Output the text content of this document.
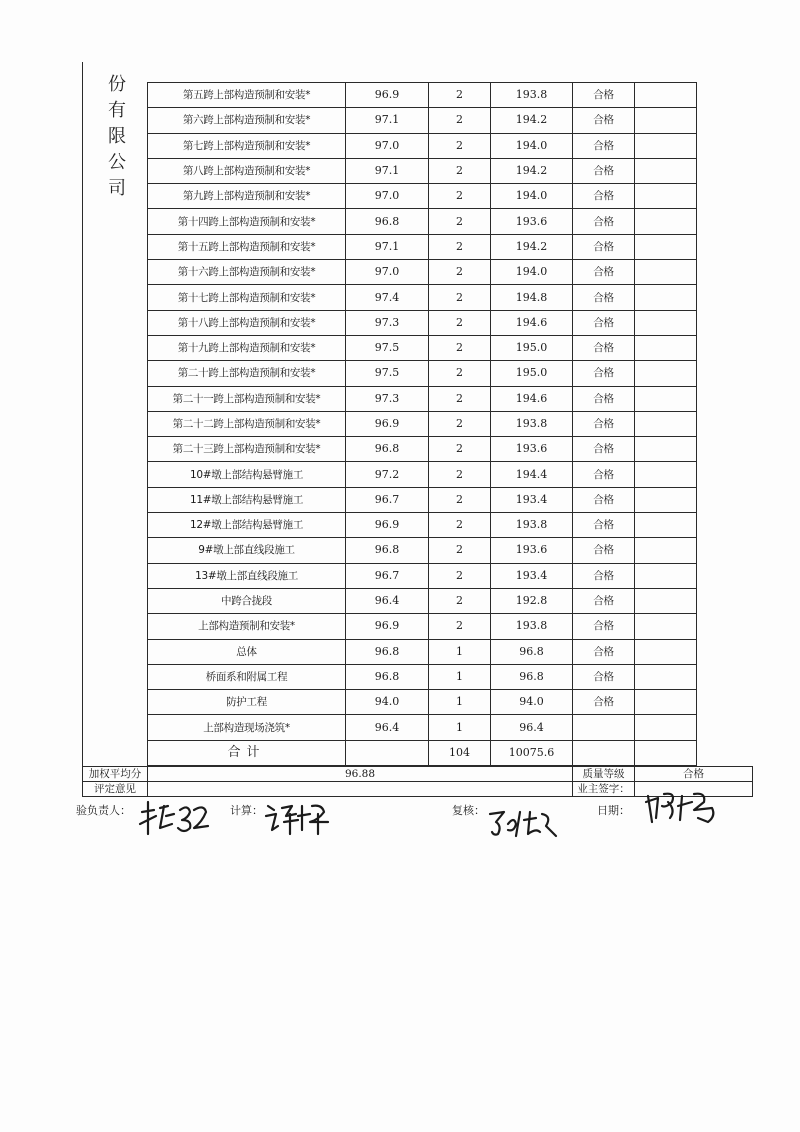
份有限公司
第五跨上部构造预制和安装*	96.9	2	193.8	合格	
第六跨上部构造预制和安装*	97.1	2	194.2	合格	
第七跨上部构造预制和安装*	97.0	2	194.0	合格	
第八跨上部构造预制和安装*	97.1	2	194.2	合格	
第九跨上部构造预制和安装*	97.0	2	194.0	合格	
第十四跨上部构造预制和安装*	96.8	2	193.6	合格	
第十五跨上部构造预制和安装*	97.1	2	194.2	合格	
第十六跨上部构造预制和安装*	97.0	2	194.0	合格	
第十七跨上部构造预制和安装*	97.4	2	194.8	合格	
第十八跨上部构造预制和安装*	97.3	2	194.6	合格	
第十九跨上部构造预制和安装*	97.5	2	195.0	合格	
第二十跨上部构造预制和安装*	97.5	2	195.0	合格	
第二十一跨上部构造预制和安装*	97.3	2	194.6	合格	
第二十二跨上部构造预制和安装*	96.9	2	193.8	合格	
第二十三跨上部构造预制和安装*	96.8	2	193.6	合格	
10#墩上部结构悬臂施工	97.2	2	194.4	合格	
11#墩上部结构悬臂施工	96.7	2	193.4	合格	
12#墩上部结构悬臂施工	96.9	2	193.8	合格	
9#墩上部直线段施工	96.8	2	193.6	合格	
13#墩上部直线段施工	96.7	2	193.4	合格	
中跨合拢段	96.4	2	192.8	合格	
上部构造预制和安装*	96.9	2	193.8	合格	
总体	96.8	1	96.8	合格	
桥面系和附属工程	96.8	1	96.8	合格	
防护工程	94.0	1	94.0	合格	
上部构造现场浇筑*	96.4	1	96.4		
合计		104	10075.6		
加权平均分	96.88	质量等级	合格
评定意见		业主签字：	
验负责人：	计算：	复核：	日期：
